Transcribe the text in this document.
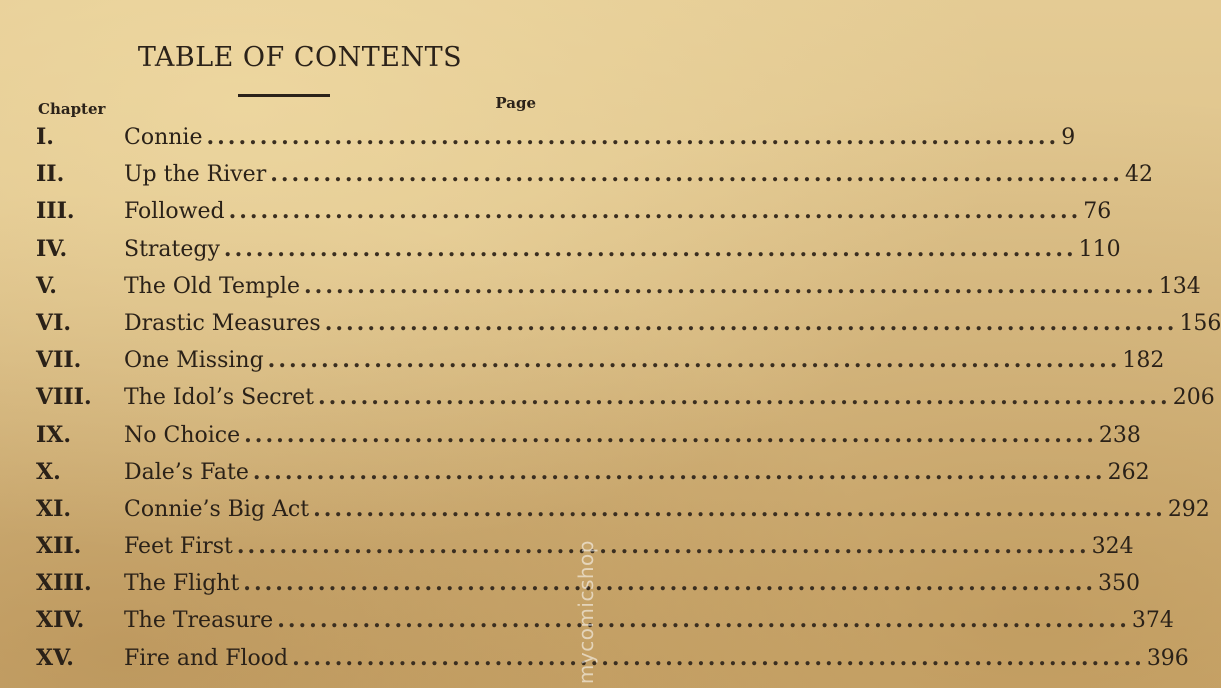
TABLE OF CONTENTS
Chapter	Page
I.	Connie ................................................................................ 9
II.	Up the River ................................................................................ 42
III.	Followed ................................................................................ 76
IV.	Strategy ................................................................................ 110
V.	The Old Temple ................................................................................ 134
VI.	Drastic Measures ................................................................................ 156
VII.	One Missing ................................................................................ 182
VIII.	The Idol’s Secret ................................................................................ 206
IX.	No Choice ................................................................................ 238
X.	Dale’s Fate ................................................................................ 262
XI.	Connie’s Big Act ................................................................................ 292
XII.	Feet First ................................................................................ 324
XIII.	The Flight ................................................................................ 350
XIV.	The Treasure ................................................................................ 374
XV.	Fire and Flood ................................................................................ 396
mycomicshop
